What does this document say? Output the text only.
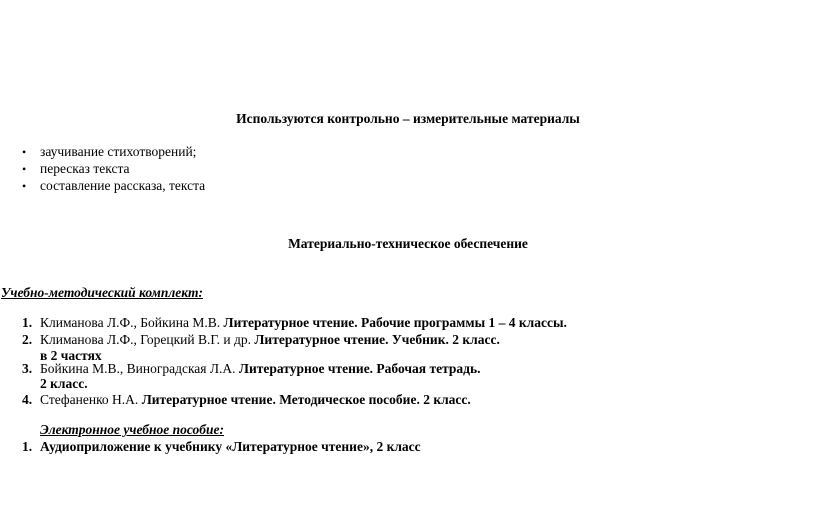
Используются контрольно – измерительные материалы
• заучивание стихотворений;
• пересказ текста
• составление рассказа, текста
Материально-техническое обеспечение
Учебно-методический комплект:
1. Климанова Л.Ф., Бойкина М.В. Литературное чтение. Рабочие программы 1 – 4 классы.
2. Климанова Л.Ф., Горецкий В.Г. и др. Литературное чтение. Учебник. 2 класс.
в 2 частях
3. Бойкина М.В., Виноградская Л.А. Литературное чтение. Рабочая тетрадь.
2 класс.
4. Стефаненко Н.А. Литературное чтение. Методическое пособие. 2 класс.
Электронное учебное пособие:
1. Аудиоприложение к учебнику «Литературное чтение», 2 класс
